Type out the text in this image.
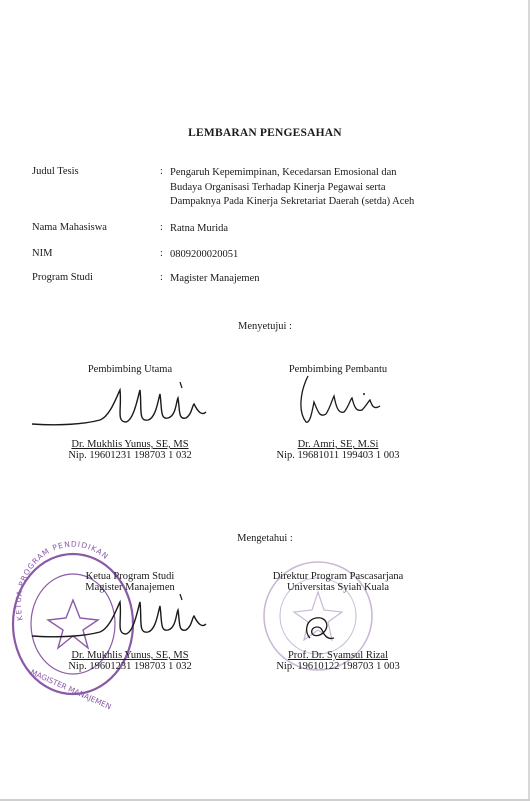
LEMBARAN PENGESAHAN
Judul Tesis	: Pengaruh Kepemimpinan, Kecedarsan Emosional dan
Budaya Organisasi Terhadap Kinerja Pegawai serta
Dampaknya Pada Kinerja Sekretariat Daerah (setda) Aceh
Nama Mahasiswa	: Ratna Murida
NIM	: 0809200020051
Program Studi	: Magister Manajemen
Menyetujui :
Pembimbing Utama	Pembimbing Pembantu
Dr. Mukhlis Yunus, SE, MS
Nip. 19601231 198703 1 032
Dr. Amri, SE, M.Si
Nip. 19681011 199403 1 003
Mengetahui :
KETUA PROGRAM PENDIDIKAN
MAGISTER MANAJEMEN
Ketua Program Studi
Magister Manajemen
Direktur Program Pascasarjana
Universitas Syiah Kuala
Dr. Mukhlis Yunus, SE, MS
Nip. 19601231 198703 1 032
Prof. Dr. Syamsul Rizal
Nip. 19610122 198703 1 003
